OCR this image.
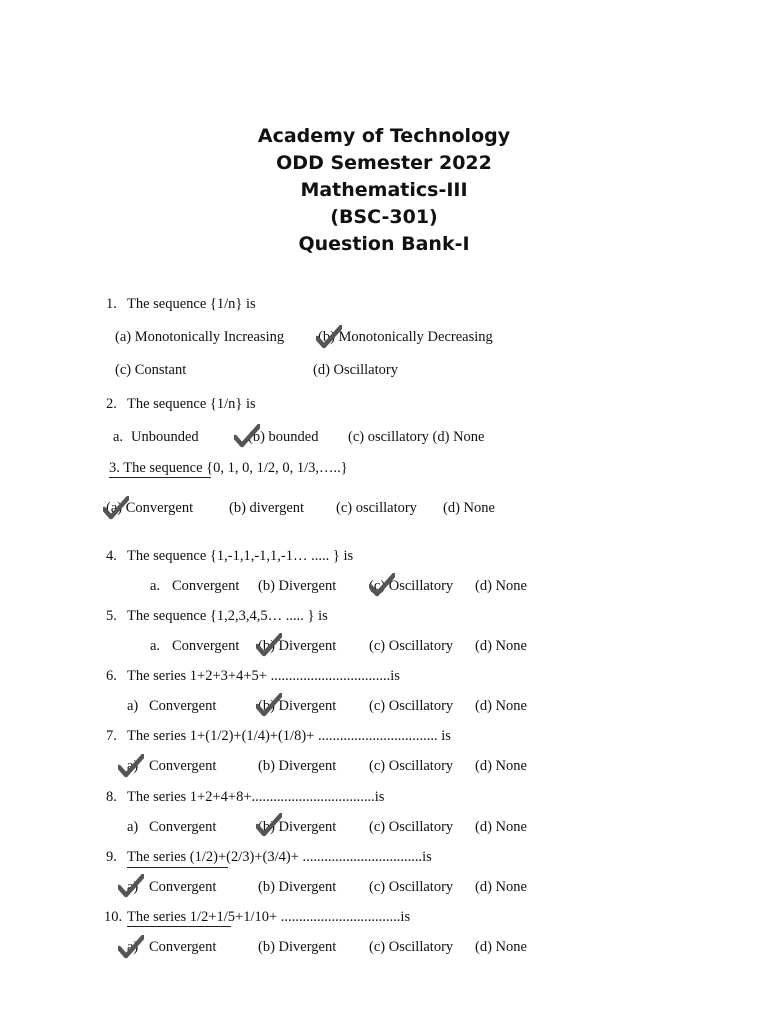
Academy of Technology
ODD Semester 2022
Mathematics-III
(BSC-301)
Question Bank-I
1. The sequence {1/n} is
(a) Monotonically Increasing (b) Monotonically Decreasing
(c) Constant	(d) Oscillatory
2. The sequence {1/n} is
a. Unbounded	(b) bounded (c) oscillatory (d) None
3. The sequence {0, 1, 0, 1/2, 0, 1/3,…..}
(a) Convergent (b) divergent (c) oscillatory (d) None
4. The sequence {1,-1,1,-1,1,-1… ..... } is
a. Convergent (b) Divergent (c) Oscillatory (d) None
5. The sequence {1,2,3,4,5… ..... } is
a. Convergent (b) Divergent (c) Oscillatory (d) None
6. The series 1+2+3+4+5+ .................................is
a) Convergent	(b) Divergent (c) Oscillatory (d) None
7. The series 1+(1/2)+(1/4)+(1/8)+ ................................. is
a) Convergent	(b) Divergent (c) Oscillatory (d) None
8. The series 1+2+4+8+..................................is
a) Convergent	(b) Divergent (c) Oscillatory (d) None
9. The series (1/2)+(2/3)+(3/4)+ .................................is
a) Convergent	(b) Divergent (c) Oscillatory (d) None
10. The series 1/2+1/5+1/10+ .................................is
a) Convergent	(b) Divergent (c) Oscillatory (d) None
